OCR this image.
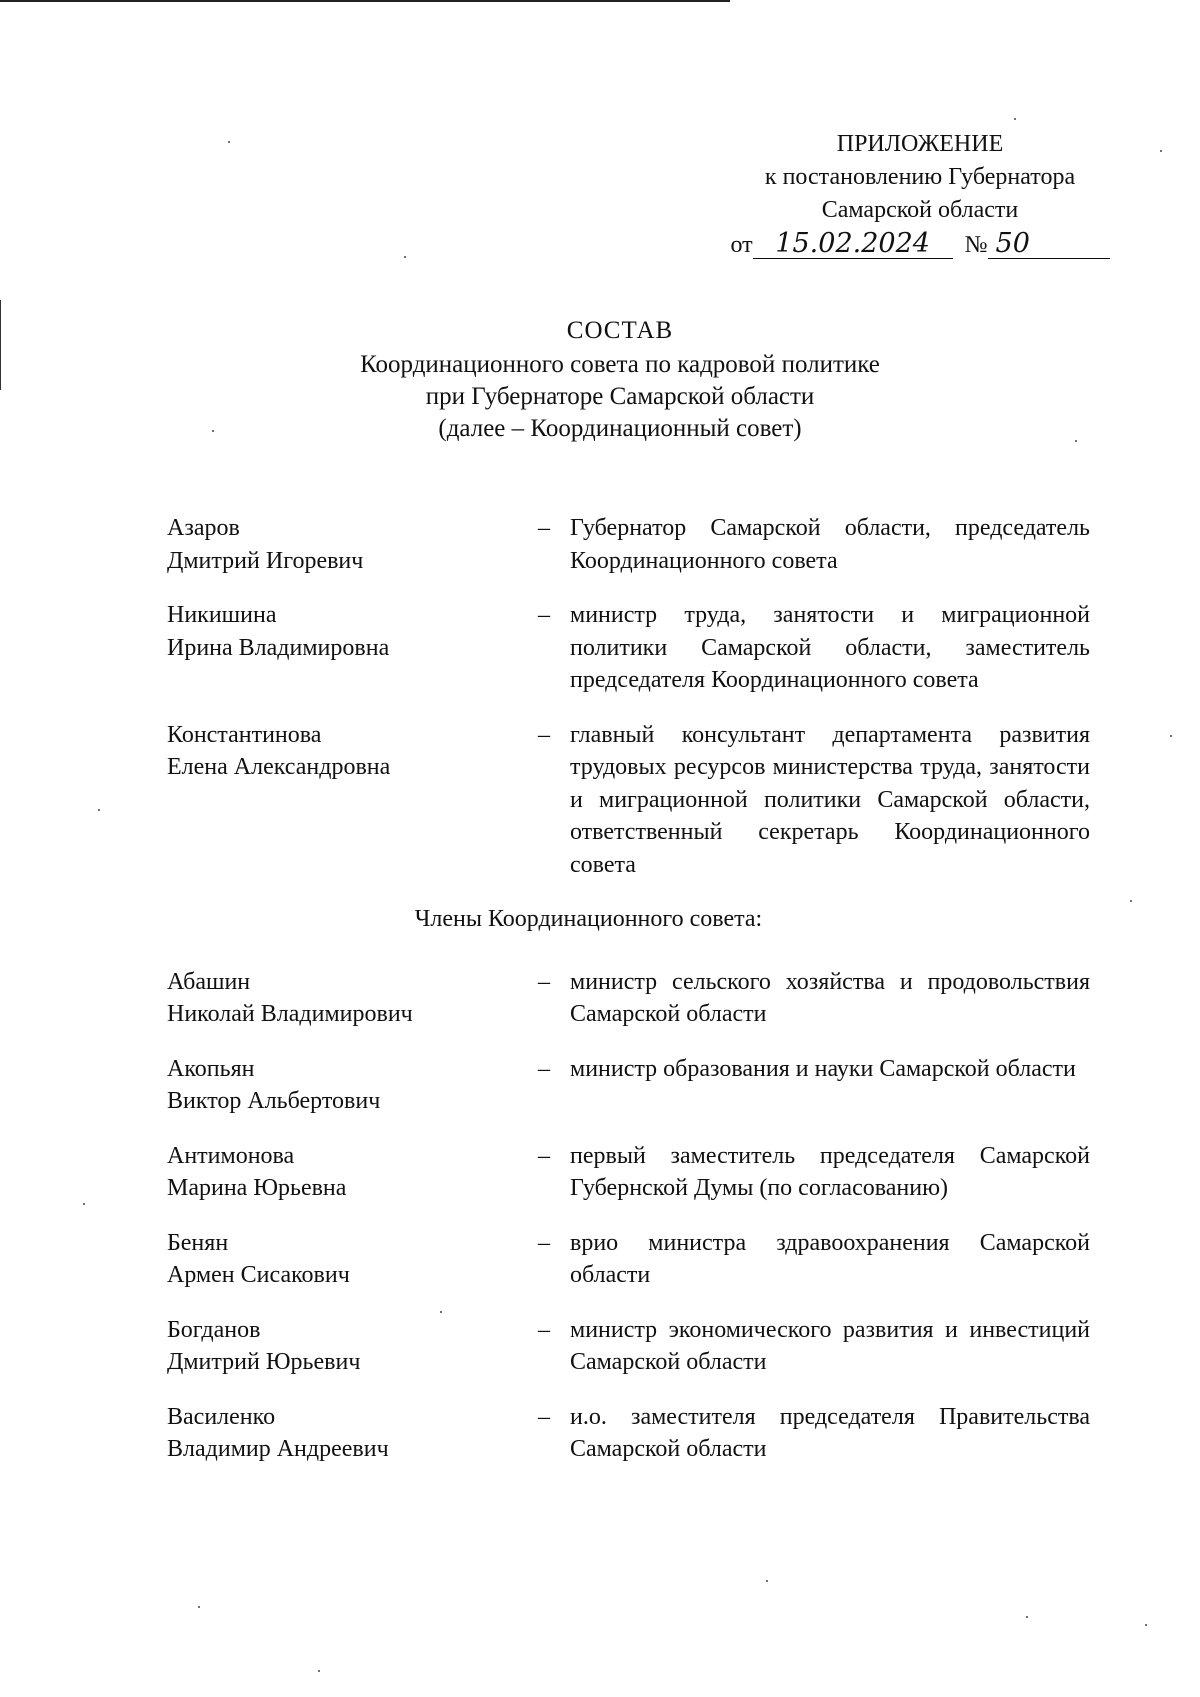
ПРИЛОЖЕНИЕ
к постановлению Губернатора
Самарской области
от 15.02.2024 № 50
СОСТАВ
Координационного совета по кадровой политике
при Губернаторе Самарской области
(далее – Координационный совет)
Азаров
Дмитрий Игоревич
– Губернатор Самарской области, председатель Координационного совета
Никишина
Ирина Владимировна
– министр труда, занятости и миграционной политики Самарской области, заместитель председателя Координационного совета
Константинова
Елена Александровна
– главный консультант департамента развития трудовых ресурсов министерства труда, занятости и миграционной политики Самарской области, ответственный секретарь Координационного совета
Члены Координационного совета:
Абашин
Николай Владимирович
– министр сельского хозяйства и продовольствия Самарской области
Акопьян
Виктор Альбертович
– министр образования и науки Самарской области
Антимонова
Марина Юрьевна
– первый заместитель председателя Самарской Губернской Думы (по согласованию)
Бенян
Армен Сисакович
– врио министра здравоохранения Самарской области
Богданов
Дмитрий Юрьевич
– министр экономического развития и инвестиций Самарской области
Василенко
Владимир Андреевич
– и.о. заместителя председателя Правительства Самарской области
